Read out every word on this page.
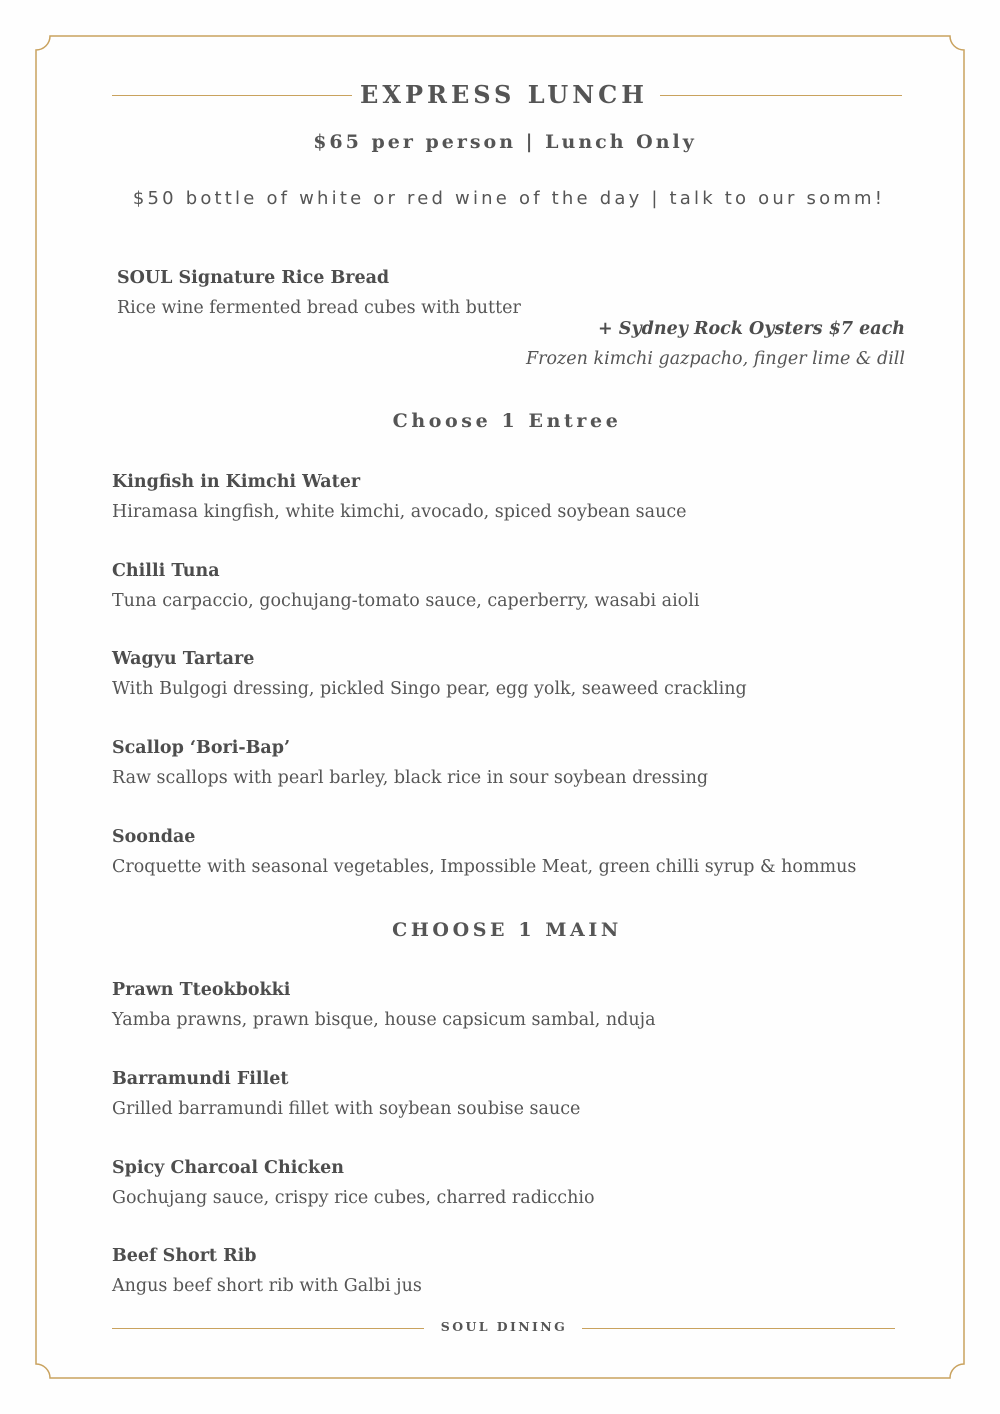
EXPRESS LUNCH
$65 per person | Lunch Only
$50 bottle of white or red wine of the day | talk to our somm!
SOUL Signature Rice Bread
Rice wine fermented bread cubes with butter
+ Sydney Rock Oysters $7 each
Frozen kimchi gazpacho, finger lime & dill
Choose 1 Entree
Kingfish in Kimchi Water
Hiramasa kingfish, white kimchi, avocado, spiced soybean sauce
Chilli Tuna
Tuna carpaccio, gochujang-tomato sauce, caperberry, wasabi aioli
Wagyu Tartare
With Bulgogi dressing, pickled Singo pear, egg yolk, seaweed crackling
Scallop ‘Bori-Bap’
Raw scallops with pearl barley, black rice in sour soybean dressing
Soondae
Croquette with seasonal vegetables, Impossible Meat, green chilli syrup & hommus
CHOOSE 1 MAIN
Prawn Tteokbokki
Yamba prawns, prawn bisque, house capsicum sambal, nduja
Barramundi Fillet
Grilled barramundi fillet with soybean soubise sauce
Spicy Charcoal Chicken
Gochujang sauce, crispy rice cubes, charred radicchio
Beef Short Rib
Angus beef short rib with Galbi jus
SOUL DINING
